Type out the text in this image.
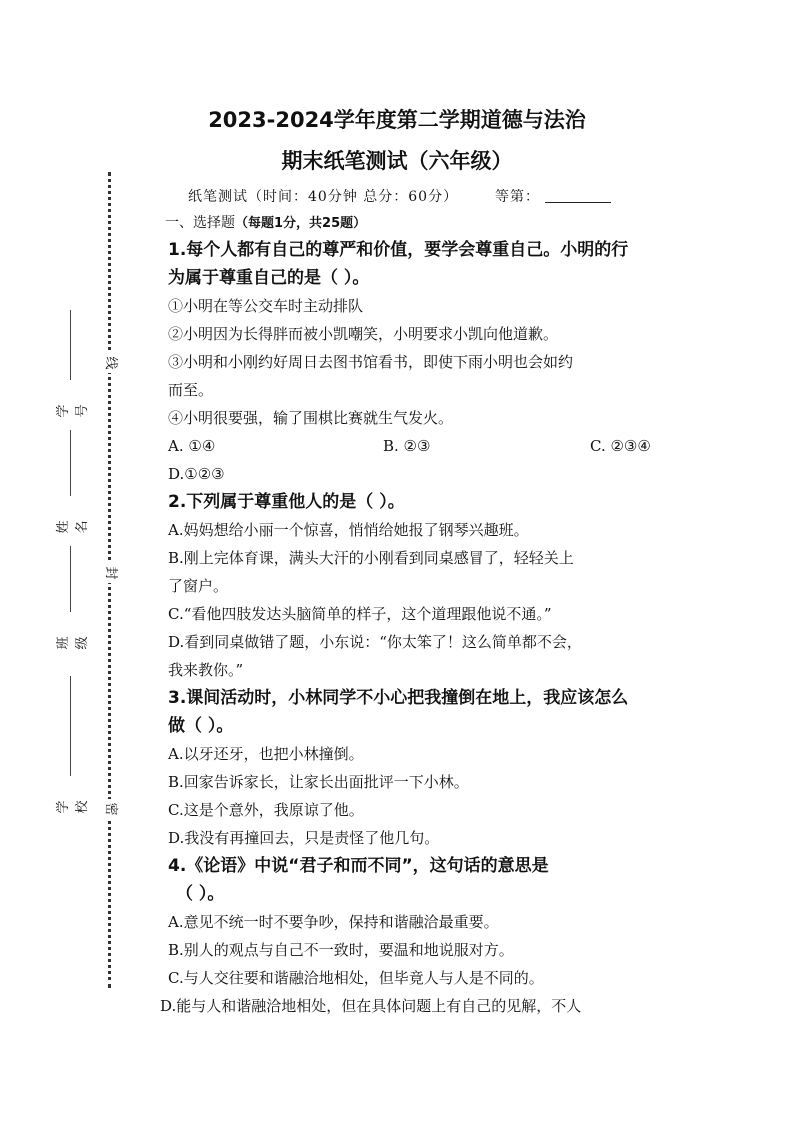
2023-2024学年度第二学期道德与法治
期末纸笔测试（六年级）
线
封
密
学号
姓名
班级
学校
纸笔测试（时间：40分钟 总分：60分）	等第：
一、选择题（每题1分，共25题）
1.每个人都有自己的尊严和价值，要学会尊重自己。小明的行
为属于尊重自己的是（ ）。
①小明在等公交车时主动排队
②小明因为长得胖而被小凯嘲笑，小明要求小凯向他道歉。
③小明和小刚约好周日去图书馆看书，即使下雨小明也会如约
而至。
④小明很要强，输了围棋比赛就生气发火。
A. ①④	B. ②③	C. ②③④
D.①②③
2.下列属于尊重他人的是（ ）。
A.妈妈想给小丽一个惊喜，悄悄给她报了钢琴兴趣班。
B.刚上完体育课，满头大汗的小刚看到同桌感冒了，轻轻关上
了窗户。
C.“看他四肢发达头脑简单的样子，这个道理跟他说不通。”
D.看到同桌做错了题，小东说：“你太笨了！这么简单都不会，
我来教你。”
3.课间活动时，小林同学不小心把我撞倒在地上，我应该怎么
做（ ）。
A.以牙还牙，也把小林撞倒。
B.回家告诉家长，让家长出面批评一下小林。
C.这是个意外，我原谅了他。
D.我没有再撞回去，只是责怪了他几句。
4.《论语》中说“君子和而不同”，这句话的意思是
（ ）。
A.意见不统一时不要争吵，保持和谐融洽最重要。
B.别人的观点与自己不一致时，要温和地说服对方。
C.与人交往要和谐融洽地相处，但毕竟人与人是不同的。
D.能与人和谐融洽地相处，但在具体问题上有自己的见解，不人
